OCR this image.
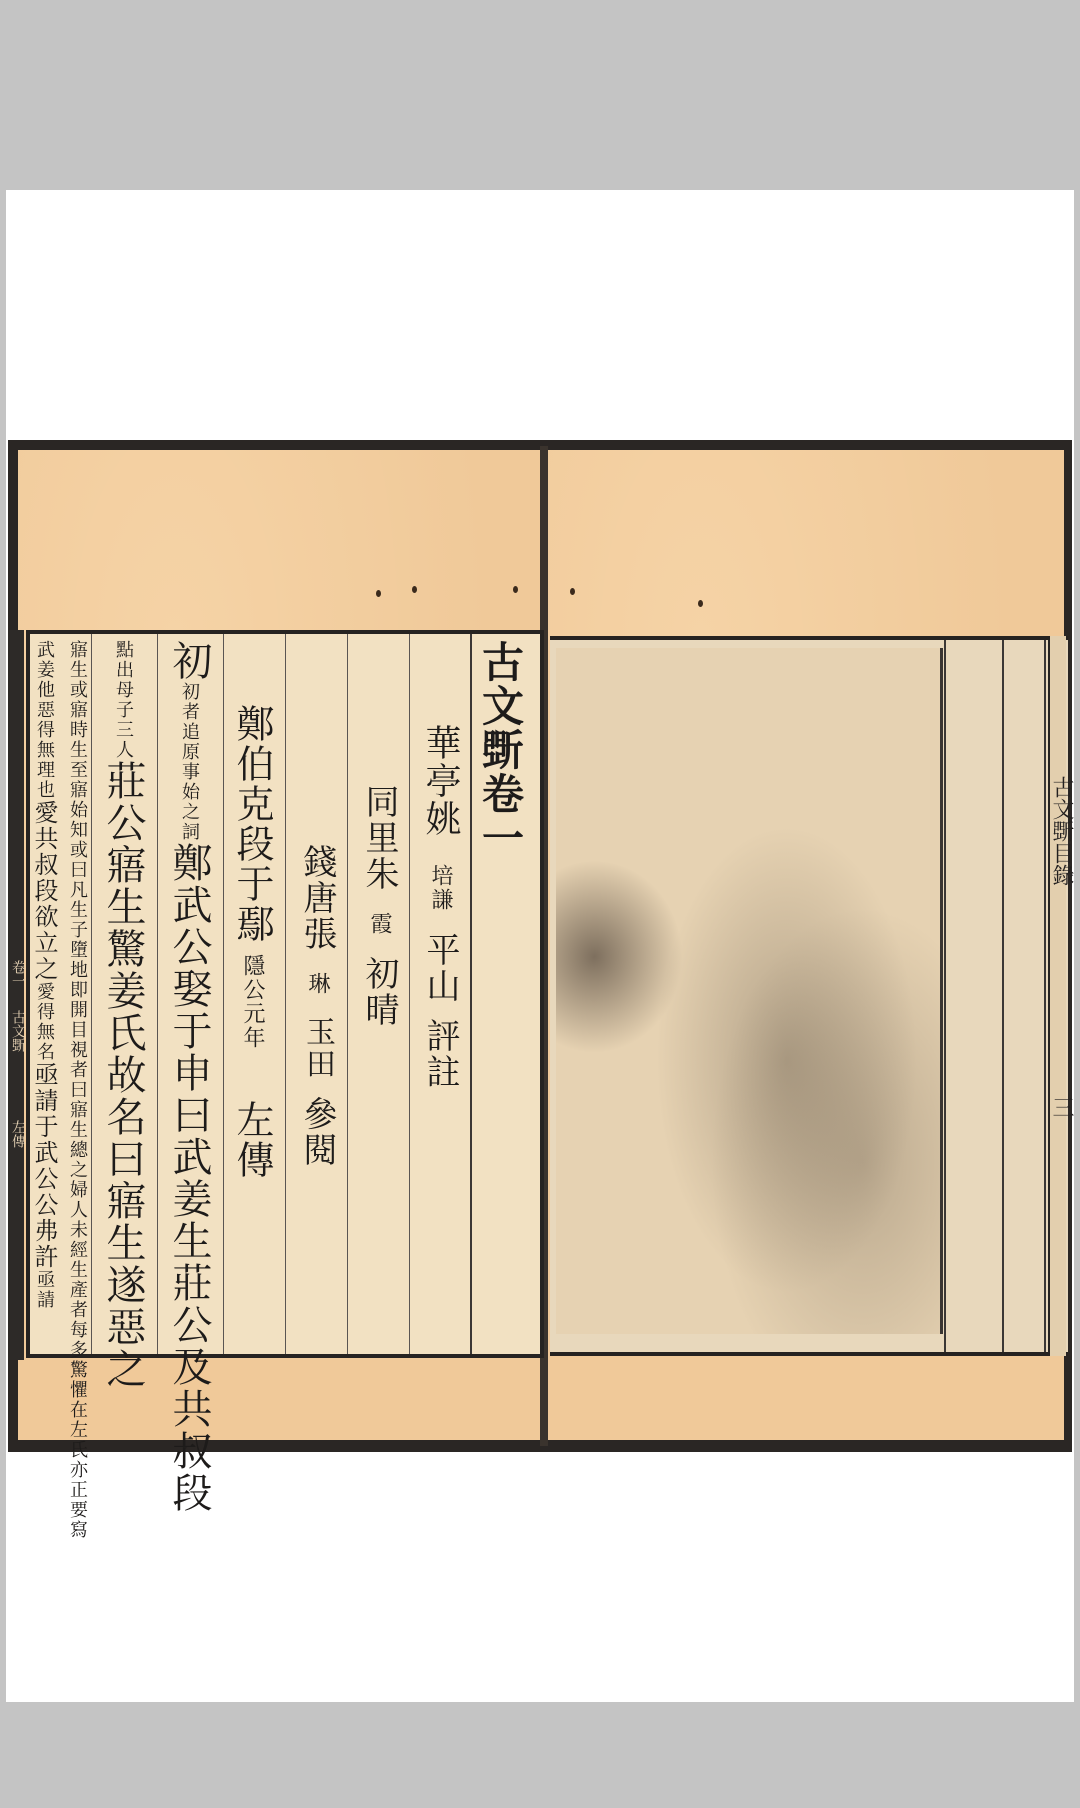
卷一
古文斲
左傳
古文斲卷一
華亭姚培謙平山評註
同里朱霞初晴
錢唐張琳玉田參閱
鄭伯克段于鄢隱公元年左傳
初初者追原事始之詞鄭武公娶于申曰武姜生莊公及共叔段
點出母子三人莊公寤生驚姜氏故名曰寤生遂惡之
寤生或寤時生至寤始知或曰凡生子墮地即開目視者曰寤生總之婦人未經生產者每多驚懼在左氏亦正要寫
武姜他惡得無理也愛共叔段欲立之愛得無名亟請于武公公弗許亟請
古文斲目錄
三
